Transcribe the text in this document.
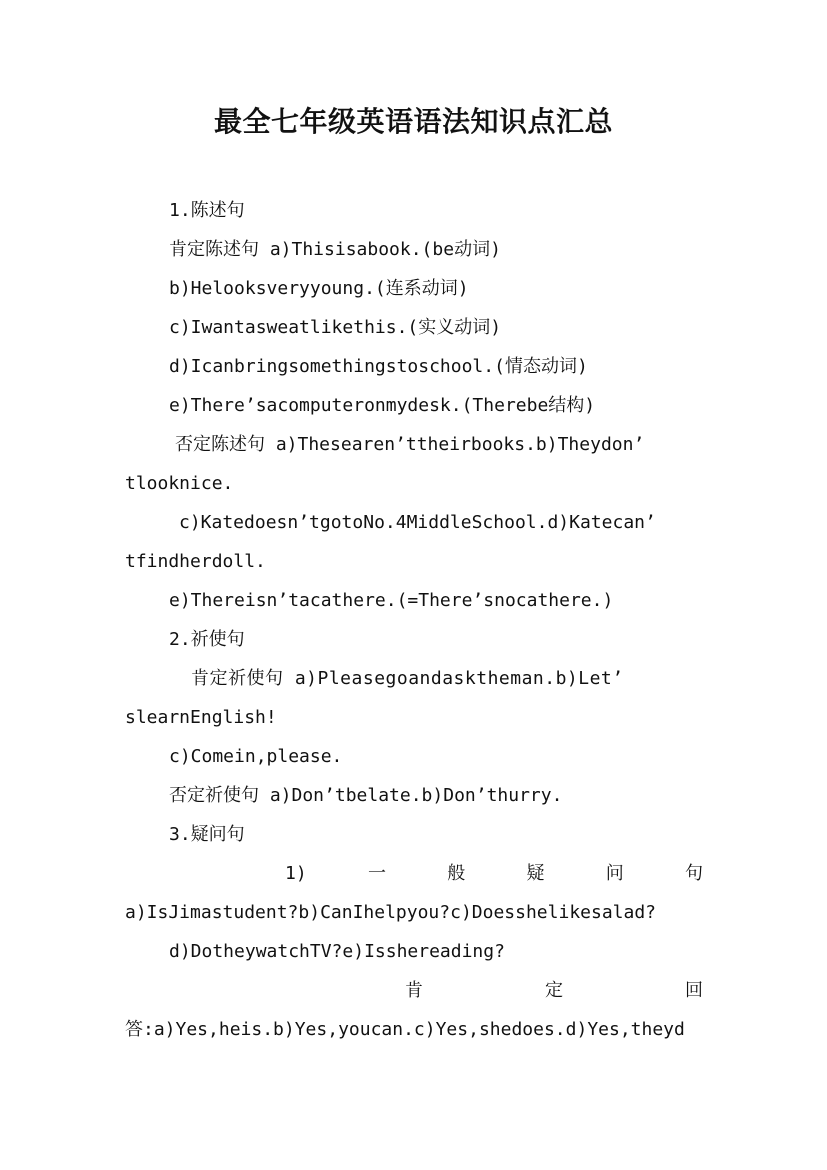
最全七年级英语语法知识点汇总
1.陈述句
肯定陈述句 a)Thisisabook.(be动词)
b)Helooksveryyoung.(连系动词)
c)Iwantasweatlikethis.(实义动词)
d)Icanbringsomethingstoschool.(情态动词)
e)There’sacomputeronmydesk.(Therebe结构)
否定陈述句 a)Thesearen’ttheirbooks.b)Theydon’
tlooknice.
c)Katedoesn’tgotoNo.4MiddleSchool.d)Katecan’
tfindherdoll.
e)Thereisn’tacathere.(=There’snocathere.)
2.祈使句
肯定祈使句 a)Pleasegoandasktheman.b)Let’
slearnEnglish!
c)Comein,please.
否定祈使句 a)Don’tbelate.b)Don’thurry.
3.疑问句
1)	一	般	疑	问	句
a)IsJimastudent?b)CanIhelpyou?c)Doesshelikesalad?
d)DotheywatchTV?e)Isshereading?
肯	定	回
答:a)Yes,heis.b)Yes,youcan.c)Yes,shedoes.d)Yes,theyd
